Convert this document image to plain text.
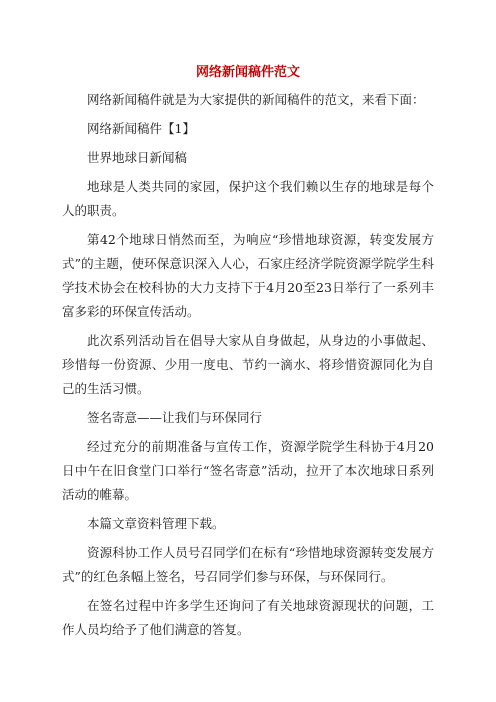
网络新闻稿件范文

网络新闻稿件就是为大家提供的新闻稿件的范文，来看下面：

网络新闻稿件【1】

世界地球日新闻稿

地球是人类共同的家园，保护这个我们赖以生存的地球是每个人的职责。

第42个地球日悄然而至，为响应“珍惜地球资源，转变发展方式”的主题，使环保意识深入人心，石家庄经济学院资源学院学生科学技术协会在校科协的大力支持下于4月20至23日举行了一系列丰富多彩的环保宣传活动。

此次系列活动旨在倡导大家从自身做起，从身边的小事做起、珍惜每一份资源、少用一度电、节约一滴水、将珍惜资源同化为自己的生活习惯。

签名寄意——让我们与环保同行

经过充分的前期准备与宣传工作，资源学院学生科协于4月20日中午在旧食堂门口举行“签名寄意”活动，拉开了本次地球日系列活动的帷幕。

本篇文章资料管理下载。

资源科协工作人员号召同学们在标有“珍惜地球资源转变发展方式”的红色条幅上签名，号召同学们参与环保，与环保同行。

在签名过程中许多学生还询问了有关地球资源现状的问题，工作人员均给予了他们满意的答复。
